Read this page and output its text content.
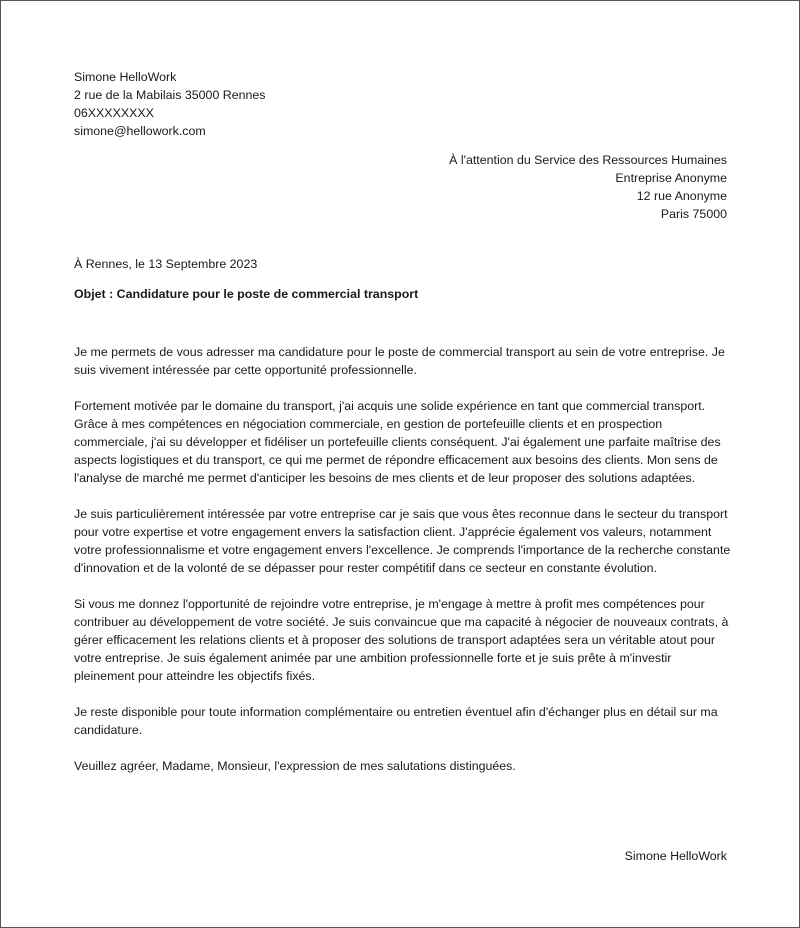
Simone HelloWork
2 rue de la Mabilais 35000 Rennes
06XXXXXXXX
simone@hellowork.com
À l'attention du Service des Ressources Humaines
Entreprise Anonyme
12 rue Anonyme
Paris 75000
À Rennes, le 13 Septembre 2023
Objet : Candidature pour le poste de commercial transport

Je me permets de vous adresser ma candidature pour le poste de commercial transport au sein de votre entreprise. Je suis vivement intéressée par cette opportunité professionnelle.

Fortement motivée par le domaine du transport, j'ai acquis une solide expérience en tant que commercial transport. Grâce à mes compétences en négociation commerciale, en gestion de portefeuille clients et en prospection commerciale, j'ai su développer et fidéliser un portefeuille clients conséquent. J'ai également une parfaite maîtrise des aspects logistiques et du transport, ce qui me permet de répondre efficacement aux besoins des clients. Mon sens de l'analyse de marché me permet d'anticiper les besoins de mes clients et de leur proposer des solutions adaptées.

Je suis particulièrement intéressée par votre entreprise car je sais que vous êtes reconnue dans le secteur du transport pour votre expertise et votre engagement envers la satisfaction client. J'apprécie également vos valeurs, notamment votre professionnalisme et votre engagement envers l'excellence. Je comprends l'importance de la recherche constante d'innovation et de la volonté de se dépasser pour rester compétitif dans ce secteur en constante évolution.

Si vous me donnez l'opportunité de rejoindre votre entreprise, je m'engage à mettre à profit mes compétences pour contribuer au développement de votre société. Je suis convaincue que ma capacité à négocier de nouveaux contrats, à gérer efficacement les relations clients et à proposer des solutions de transport adaptées sera un véritable atout pour votre entreprise. Je suis également animée par une ambition professionnelle forte et je suis prête à m'investir pleinement pour atteindre les objectifs fixés.

Je reste disponible pour toute information complémentaire ou entretien éventuel afin d'échanger plus en détail sur ma candidature.

Veuillez agréer, Madame, Monsieur, l'expression de mes salutations distinguées.

Simone HelloWork
